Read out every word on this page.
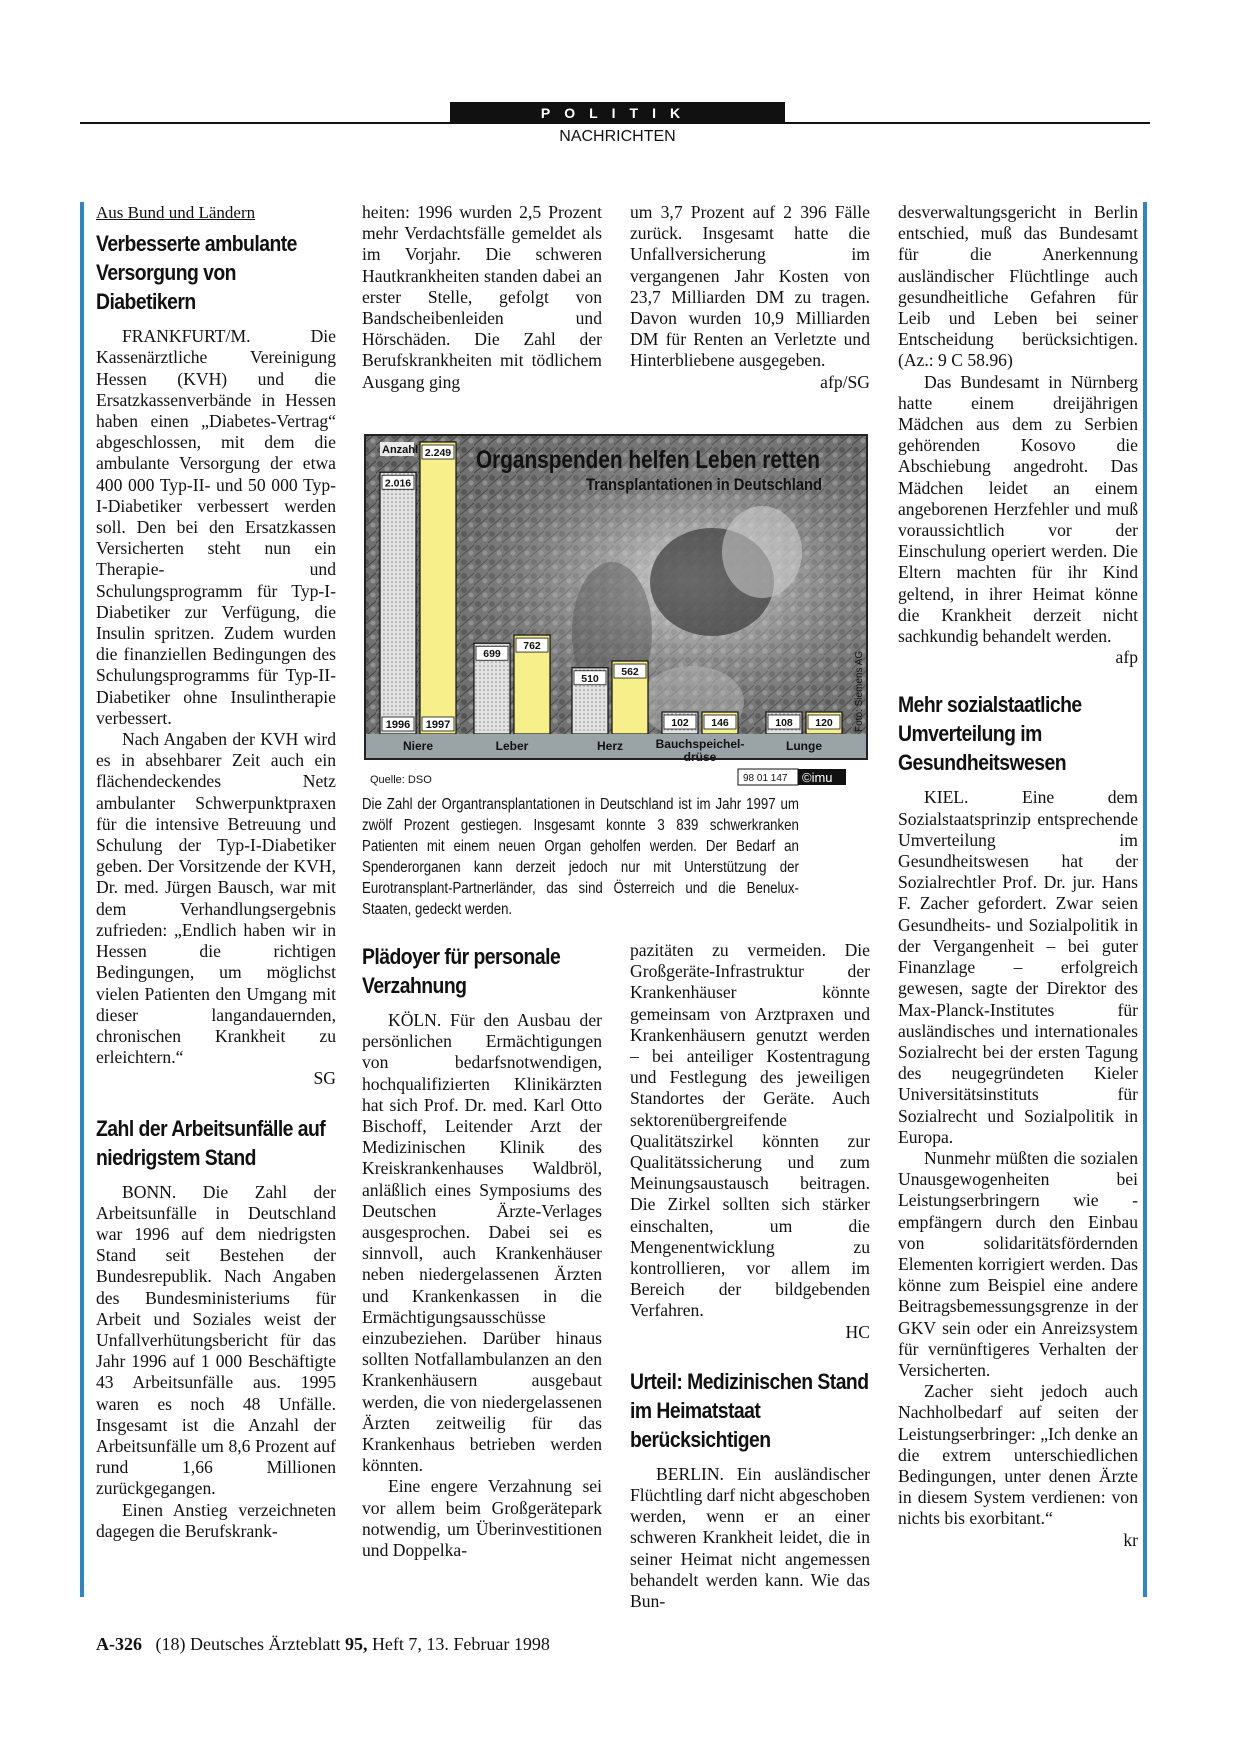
POLITIK
NACHRICHTEN

Aus Bund und Ländern

Verbesserte ambulante Versorgung von Diabetikern

FRANKFURT/M. Die Kassenärztliche Vereinigung Hessen (KVH) und die Ersatzkassenverbände in Hessen haben einen „Diabetes-Vertrag“ abgeschlossen, mit dem die ambulante Versorgung der etwa 400 000 Typ-II- und 50 000 Typ-I-Diabetiker verbessert werden soll. Den bei den Ersatzkassen Versicherten steht nun ein Therapie- und Schulungsprogramm für Typ-I-Diabetiker zur Verfügung, die Insulin spritzen. Zudem wurden die finanziellen Bedingungen des Schulungsprogramms für Typ-II-Diabetiker ohne Insulintherapie verbessert.

Nach Angaben der KVH wird es in absehbarer Zeit auch ein flächendeckendes Netz ambulanter Schwerpunktpraxen für die intensive Betreuung und Schulung der Typ-I-Diabetiker geben. Der Vorsitzende der KVH, Dr. med. Jürgen Bausch, war mit dem Verhandlungsergebnis zufrieden: „Endlich haben wir in Hessen die richtigen Bedingungen, um möglichst vielen Patienten den Umgang mit dieser langandauernden, chronischen Krankheit zu erleichtern.“

SG
Zahl der Arbeitsunfälle auf niedrigstem Stand

BONN. Die Zahl der Arbeitsunfälle in Deutschland war 1996 auf dem niedrigsten Stand seit Bestehen der Bundesrepublik. Nach Angaben des Bundesministeriums für Arbeit und Soziales weist der Unfallverhütungsbericht für das Jahr 1996 auf 1 000 Beschäftigte 43 Arbeitsunfälle aus. 1995 waren es noch 48 Unfälle. Insgesamt ist die Anzahl der Arbeitsunfälle um 8,6 Prozent auf rund 1,66 Millionen zurückgegangen.

Einen Anstieg verzeichneten dagegen die Berufskrank-

heiten: 1996 wurden 2,5 Prozent mehr Verdachtsfälle gemeldet als im Vorjahr. Die schweren Hautkrankheiten standen dabei an erster Stelle, gefolgt von Bandscheibenleiden und Hörschäden. Die Zahl der Berufskrankheiten mit tödlichem Ausgang ging

um 3,7 Prozent auf 2 396 Fälle zurück. Insgesamt hatte die Unfallversicherung im vergangenen Jahr Kosten von 23,7 Milliarden DM zu tragen. Davon wurden 10,9 Milliarden DM für Renten an Verletzte und Hinterbliebene ausgegeben.

afp/SG
2.016
1996
2.249
1997
699
762
510
562
102 146	108 120
Niere	Leber	Herz	Bauchspeichel-
drüse
Lunge
Quelle: DSO	98 01 147 ©imu
Foto: Siemens AG
Organspenden helfen Leben retten
Transplantationen in Deutschland
Anzahl
Die Zahl der Organtransplantationen in Deutschland ist im Jahr 1997 um zwölf Prozent gestiegen. Insgesamt konnte 3 839 schwerkranken Patienten mit einem neuen Organ geholfen werden. Der Bedarf an Spenderorganen kann derzeit jedoch nur mit Unterstützung der Eurotransplant-Partnerländer, das sind Österreich und die Benelux-Staaten, gedeckt werden.

desverwaltungsgericht in Berlin entschied, muß das Bundesamt für die Anerkennung ausländischer Flüchtlinge auch gesundheitliche Gefahren für Leib und Leben bei seiner Entscheidung berücksichtigen. (Az.: 9 C 58.96)

Das Bundesamt in Nürnberg hatte einem dreijährigen Mädchen aus dem zu Serbien gehörenden Kosovo die Abschiebung angedroht. Das Mädchen leidet an einem angeborenen Herzfehler und muß voraussichtlich vor der Einschulung operiert werden. Die Eltern machten für ihr Kind geltend, in ihrer Heimat könne die Krankheit derzeit nicht sachkundig behandelt werden.

afp
Mehr sozialstaatliche Umverteilung im Gesundheitswesen

KIEL. Eine dem Sozialstaatsprinzip entsprechende Umverteilung im Gesundheitswesen hat der Sozialrechtler Prof. Dr. jur. Hans F. Zacher gefordert. Zwar seien Gesundheits- und Sozialpolitik in der Vergangenheit – bei guter Finanzlage – erfolgreich gewesen, sagte der Direktor des Max-Planck-Institutes für ausländisches und internationales Sozialrecht bei der ersten Tagung des neugegründeten Kieler Universitätsinstituts für Sozialrecht und Sozialpolitik in Europa.

Nunmehr müßten die sozialen Unausgewogenheiten bei Leistungserbringern wie -empfängern durch den Einbau von solidaritätsfördernden Elementen korrigiert werden. Das könne zum Beispiel eine andere Beitragsbemessungsgrenze in der GKV sein oder ein Anreizsystem für vernünftigeres Verhalten der Versicherten.

Zacher sieht jedoch auch Nachholbedarf auf seiten der Leistungserbringer: „Ich denke an die extrem unterschiedlichen Bedingungen, unter denen Ärzte in diesem System verdienen: von nichts bis exorbitant.“

kr
Plädoyer für personale Verzahnung

KÖLN. Für den Ausbau der persönlichen Ermächtigungen von bedarfsnotwendigen, hochqualifizierten Klinikärzten hat sich Prof. Dr. med. Karl Otto Bischoff, Leitender Arzt der Medizinischen Klinik des Kreiskrankenhauses Waldbröl, anläßlich eines Symposiums des Deutschen Ärzte-Verlages ausgesprochen. Dabei sei es sinnvoll, auch Krankenhäuser neben niedergelassenen Ärzten und Krankenkassen in die Ermächtigungsausschüsse einzubeziehen. Darüber hinaus sollten Notfallambulanzen an den Krankenhäusern ausgebaut werden, die von niedergelassenen Ärzten zeitweilig für das Krankenhaus betrieben werden könnten.

Eine engere Verzahnung sei vor allem beim Großgerätepark notwendig, um Überinvestitionen und Doppelka-

pazitäten zu vermeiden. Die Großgeräte-Infrastruktur der Krankenhäuser könnte gemeinsam von Arztpraxen und Krankenhäusern genutzt werden – bei anteiliger Kostentragung und Festlegung des jeweiligen Standortes der Geräte. Auch sektorenübergreifende Qualitätszirkel könnten zur Qualitätssicherung und zum Meinungsaustausch beitragen. Die Zirkel sollten sich stärker einschalten, um die Mengenentwicklung zu kontrollieren, vor allem im Bereich der bildgebenden Verfahren.

HC
Urteil: Medizinischen Stand im Heimatstaat berücksichtigen

BERLIN. Ein ausländischer Flüchtling darf nicht abgeschoben werden, wenn er an einer schweren Krankheit leidet, die in seiner Heimat nicht angemessen behandelt werden kann. Wie das Bun-

A-326 (18) Deutsches Ärzteblatt 95, Heft 7, 13. Februar 1998
